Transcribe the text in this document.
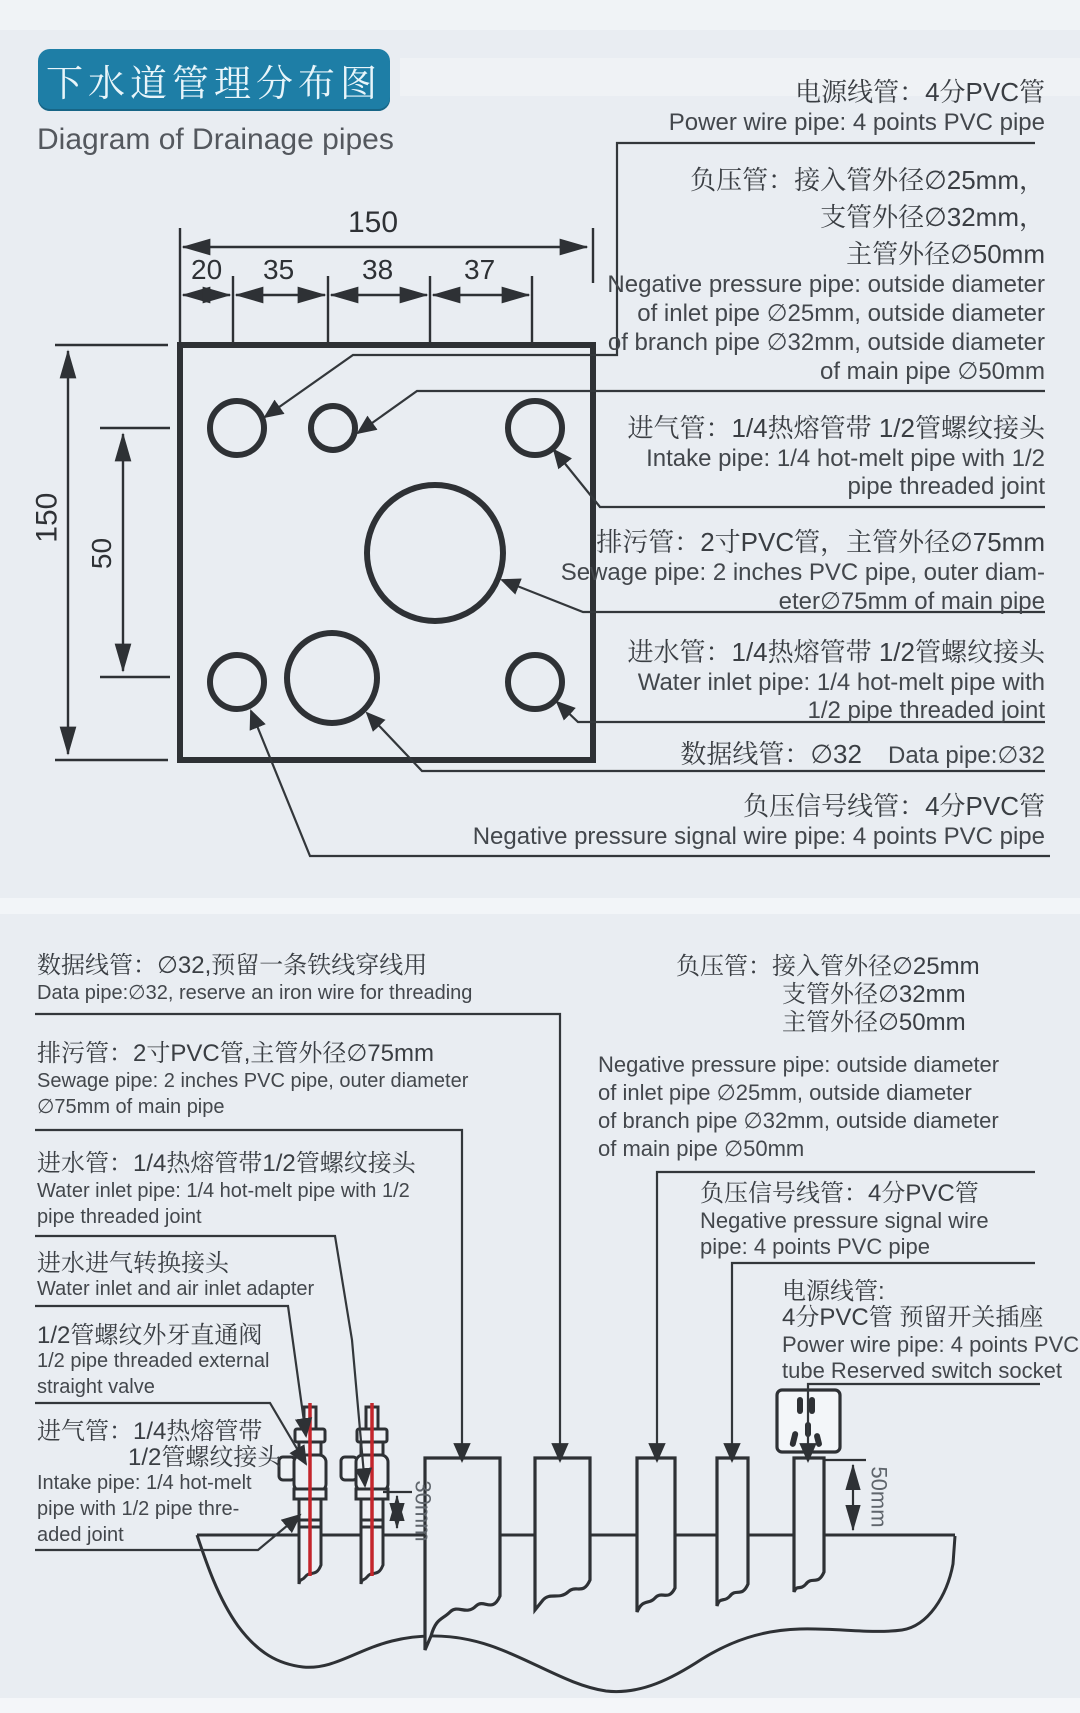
下水道管理分布图
Diagram of Drainage pipes
150
20 35 38	37
150
50
电源线管：4分PVC管
Power wire pipe: 4 points PVC pipe
负压管：接入管外径∅25mm，
支管外径∅32mm，
主管外径∅50mm
Negative pressure pipe: outside diameter
of inlet pipe ∅25mm, outside diameter
of branch pipe ∅32mm, outside diameter
of main pipe ∅50mm
进气管：1/4热熔管带 1/2管螺纹接头
Intake pipe: 1/4 hot-melt pipe with 1/2
pipe threaded joint
排污管：2寸PVC管，主管外径∅75mm
Sewage pipe: 2 inches PVC pipe, outer diam-
eter∅75mm of main pipe
进水管：1/4热熔管带 1/2管螺纹接头
Water inlet pipe: 1/4 hot-melt pipe with
1/2 pipe threaded joint
数据线管：∅32 Data pipe:∅32
负压信号线管：4分PVC管
Negative pressure signal wire pipe: 4 points PVC pipe
数据线管：∅32,预留一条铁线穿线用
Data pipe:∅32, reserve an iron wire for threading
排污管：2寸PVC管,主管外径∅75mm
Sewage pipe: 2 inches PVC pipe, outer diameter
∅75mm of main pipe
进水管：1/4热熔管带1/2管螺纹接头
Water inlet pipe: 1/4 hot-melt pipe with 1/2
pipe threaded joint
进水进气转换接头
Water inlet and air inlet adapter
1/2管螺纹外牙直通阀
1/2 pipe threaded external
straight valve
进气管：1/4热熔管带
1/2管螺纹接头
Intake pipe: 1/4 hot-melt
pipe with 1/2 pipe thre-
aded joint
负压管：接入管外径∅25mm
支管外径∅32mm
主管外径∅50mm
Negative pressure pipe: outside diameter
of inlet pipe ∅25mm, outside diameter
of branch pipe ∅32mm, outside diameter
of main pipe ∅50mm
负压信号线管：4分PVC管
Negative pressure signal wire
pipe: 4 points PVC pipe
电源线管:
4分PVC管 预留开关插座
Power wire pipe: 4 points PVC
tube Reserved switch socket
30mm	50mm
